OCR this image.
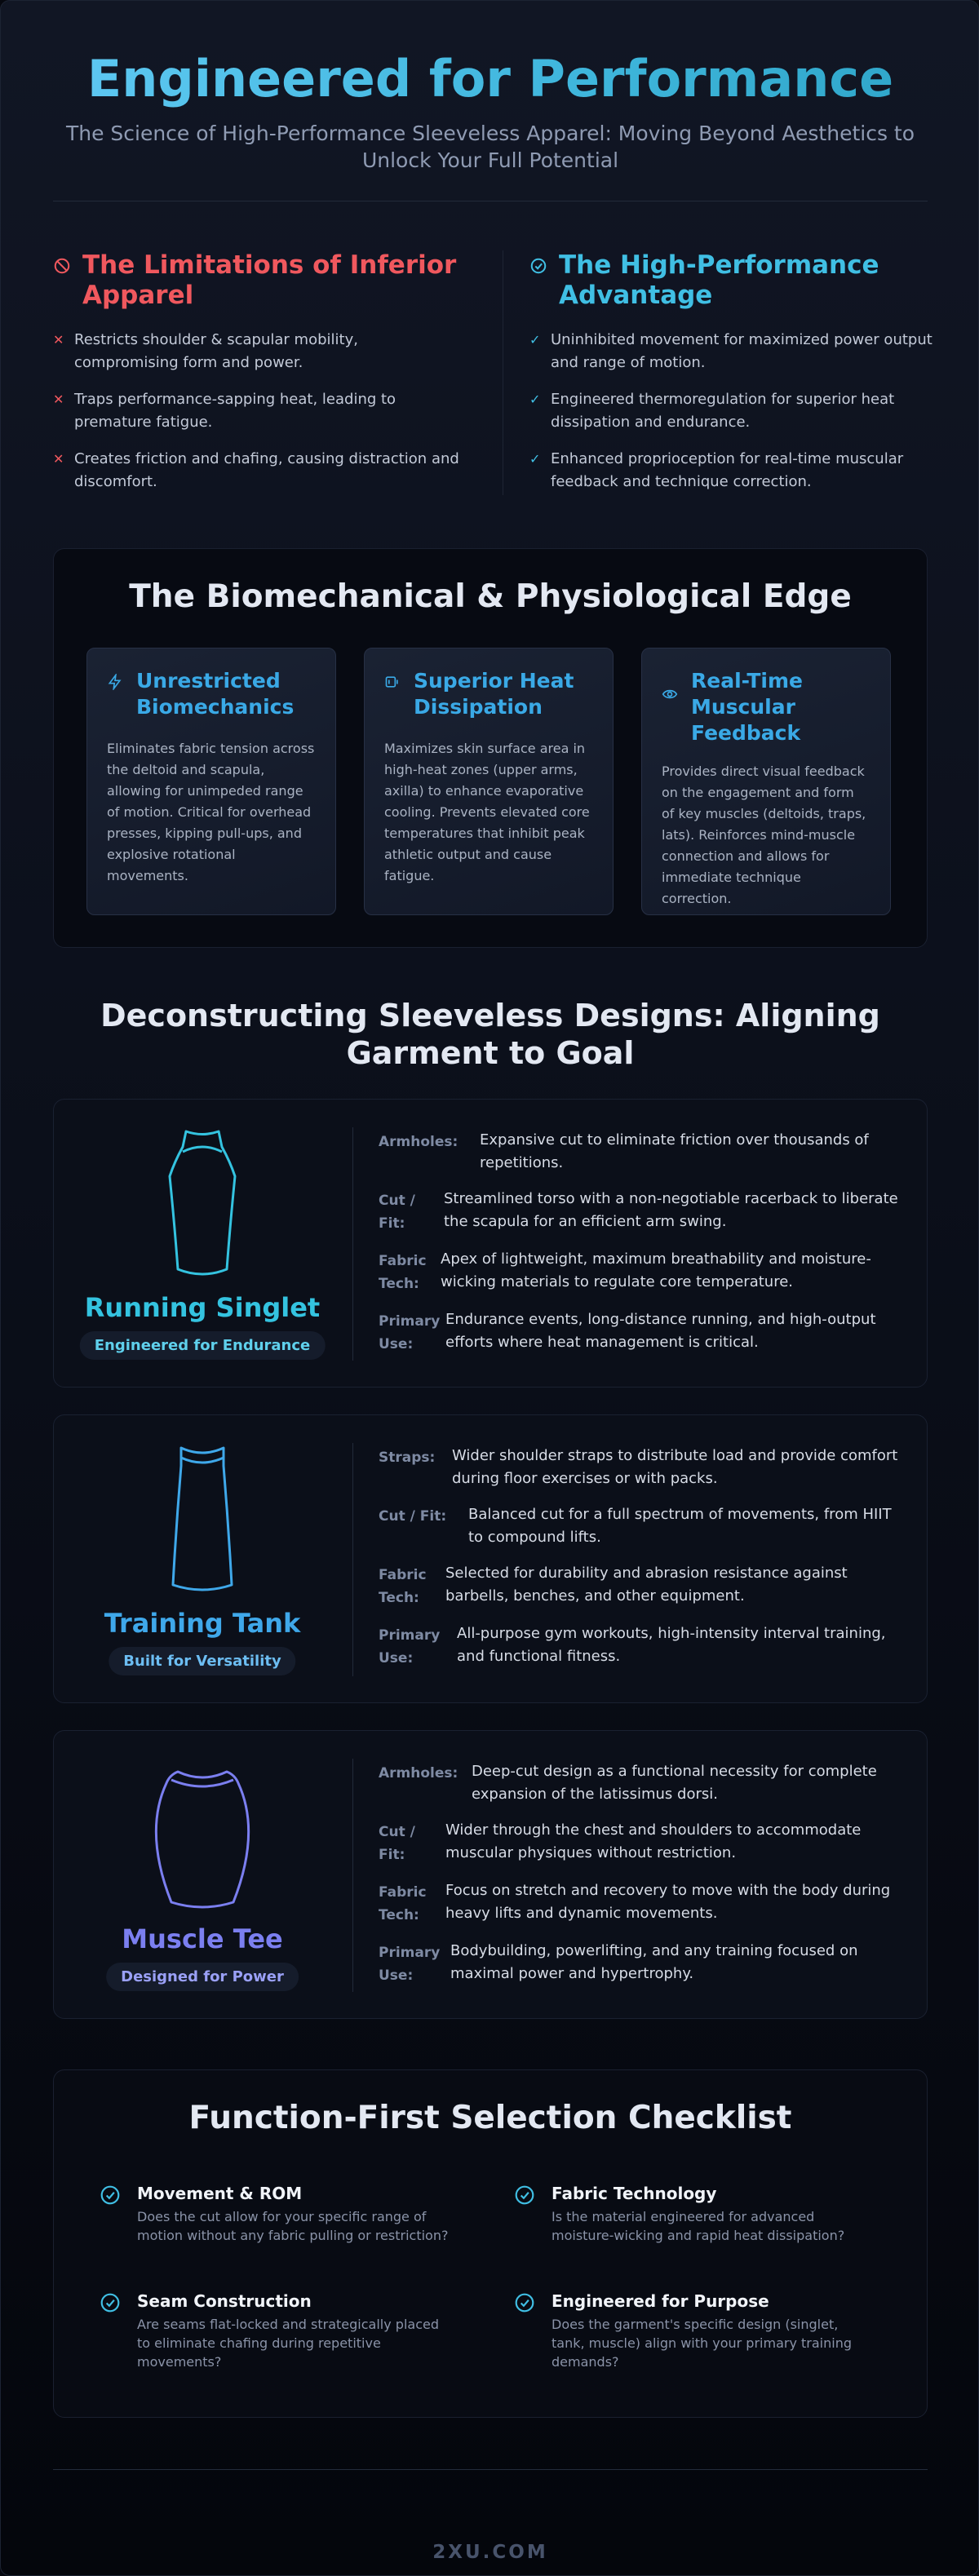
Engineered for Performance
The Science of High-Performance Sleeveless Apparel: Moving Beyond Aesthetics to Unlock Your Full Potential
The Limitations of Inferior Apparel
✕ Restricts shoulder & scapular mobility, compromising form and power.
✕ Traps performance-sapping heat, leading to premature fatigue.
✕ Creates friction and chafing, causing distraction and discomfort.
The High-Performance Advantage
✓ Uninhibited movement for maximized power output and range of motion.
✓ Engineered thermoregulation for superior heat dissipation and endurance.
✓ Enhanced proprioception for real-time muscular feedback and technique correction.
The Biomechanical & Physiological Edge
Unrestricted Biomechanics
Eliminates fabric tension across the deltoid and scapula, allowing for unimpeded range of motion. Critical for overhead presses, kipping pull-ups, and explosive rotational movements.
Superior Heat Dissipation
Maximizes skin surface area in high-heat zones (upper arms, axilla) to enhance evaporative cooling. Prevents elevated core temperatures that inhibit peak athletic output and cause fatigue.
Real-Time Muscular Feedback
Provides direct visual feedback on the engagement and form of key muscles (deltoids, traps, lats). Reinforces mind-muscle connection and allows for immediate technique correction.
Deconstructing Sleeveless Designs: Aligning Garment to Goal
Running Singlet
Engineered for Endurance
Armholes:	Expansive cut to eliminate friction over thousands of repetitions.
Cut / Fit:
Streamlined torso with a non-negotiable racerback to liberate the scapula for an efficient arm swing.
Fabric Tech:
Apex of lightweight, maximum breathability and moisture-wicking materials to regulate core temperature.
Primary Use:
Endurance events, long-distance running, and high-output efforts where heat management is critical.
Training Tank
Built for Versatility
Straps:	Wider shoulder straps to distribute load and provide comfort during floor exercises or with packs.
Cut / Fit:	Balanced cut for a full spectrum of movements, from HIIT to compound lifts.
Fabric Tech:
Selected for durability and abrasion resistance against barbells, benches, and other equipment.
Primary Use:
All-purpose gym workouts, high-intensity interval training, and functional fitness.
Muscle Tee
Designed for Power
Armholes: Deep-cut design as a functional necessity for complete expansion of the latissimus dorsi.
Cut / Fit:
Wider through the chest and shoulders to accommodate muscular physiques without restriction.
Fabric Tech:
Focus on stretch and recovery to move with the body during heavy lifts and dynamic movements.
Primary Use:
Bodybuilding, powerlifting, and any training focused on maximal power and hypertrophy.
Function-First Selection Checklist
Movement & ROM
Does the cut allow for your specific range of motion without any fabric pulling or restriction?
Fabric Technology
Is the material engineered for advanced moisture-wicking and rapid heat dissipation?
Seam Construction
Are seams flat-locked and strategically placed to eliminate chafing during repetitive movements?
Engineered for Purpose
Does the garment's specific design (singlet, tank, muscle) align with your primary training demands?
2XU.COM
